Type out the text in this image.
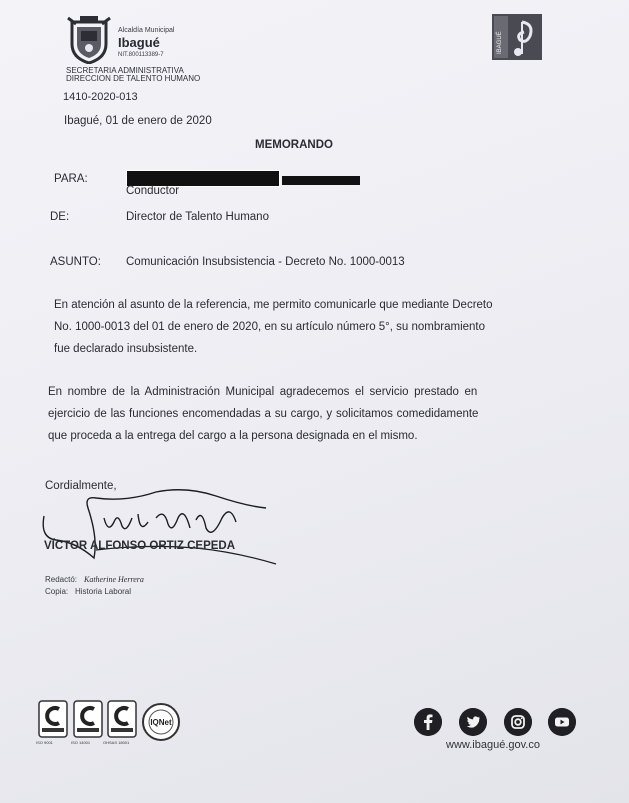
Alcaldía Municipal
Ibagué
NIT.800113389-7
SECRETARIA ADMINISTRATIVA
DIRECCION DE TALENTO HUMANO
1410-2020-013
IBAGUÉ
Ibagué, 01 de enero de 2020
MEMORANDO
PARA:
Conductor
DE:	Director de Talento Humano
ASUNTO: Comunicación Insubsistencia - Decreto No. 1000-0013
En atención al asunto de la referencia, me permito comunicarle que mediante Decreto
No. 1000-0013 del 01 de enero de 2020, en su artículo número 5°, su nombramiento
fue declarado insubsistente.
En nombre de la Administración Municipal agradecemos el servicio prestado en
ejercicio de las funciones encomendadas a su cargo, y solicitamos comedidamente
que proceda a la entrega del cargo a la persona designada en el mismo.
Cordialmente,
VÍCTOR ALFONSO ORTIZ CEPEDA
Redactó: Katherine Herrera
Copia: Historia Laboral
ISO 9001	ISO 14001	OHSAS 18001
IQNet
www.ibagué.gov.co
